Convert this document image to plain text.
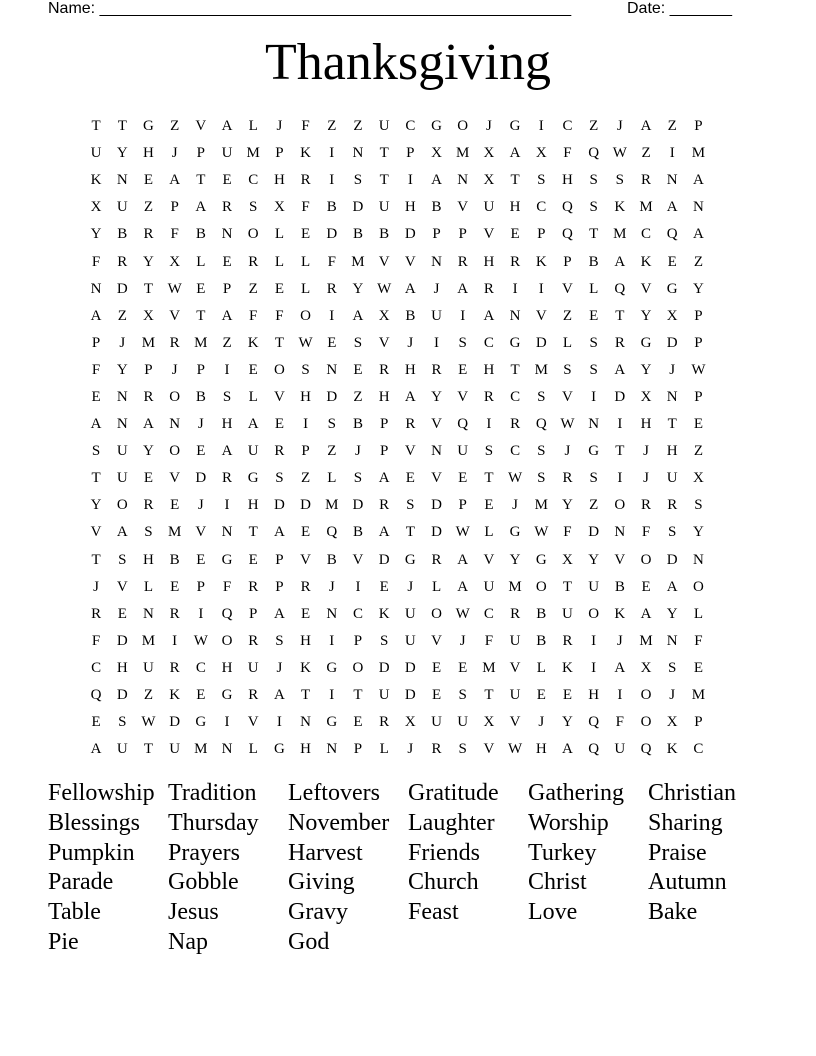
Name: _____________________________________________________	Date: _______
Thanksgiving
T	T	G	Z	V	A	L	J	F	Z	Z	U	C	G	O	J	G	I	C	Z	J	A	Z	P
U	Y	H	J	P	U M	P	K	I	N	T	P	X M X	A	X	F	Q W Z	I	M
K	N	E	A	T	E	C	H	R	I	S	T	I	A	N	X	T	S	H	S	S	R	N	A
X	U	Z	P	A	R	S	X	F	B	D	U	H	B	V	U	H	C	Q	S	K M A	N
Y	B	R	F	B	N	O	L	E	D	B	B	D	P	P	V	E	P	Q	T M C	Q	A
F	R	Y	X	L	E	R	L	L	F	M V	V	N	R	H	R	K	P	B	A	K	E	Z
N	D	T W E	P	Z	E	L	R	Y W A	J	A	R	I	I	V	L	Q	V	G	Y
A	Z	X	V	T	A	F	F	O	I	A	X	B	U	I	A	N	V	Z	E	T	Y	X	P
P	J	M R M Z	K	T W E	S	V	J	I	S	C	G	D	L	S	R	G	D	P
F	Y	P	J	P	I	E	O	S	N	E	R	H	R	E	H	T M	S	S	A	Y	J	W
E	N	R	O	B	S	L	V	H	D	Z	H	A	Y	V	R	C	S	V	I	D	X	N	P
A	N	A	N	J	H	A	E	I	S	B	P	R	V	Q	I	R	Q W N	I	H	T	E
S	U	Y	O	E	A	U	R	P	Z	J	P	V	N	U	S	C	S	J	G	T	J	H	Z
T	U	E	V	D	R	G	S	Z	L	S	A	E	V	E	T W S	R	S	I	J	U	X
Y	O	R	E	J	I	H	D	D M D	R	S	D	P	E	J	M Y	Z	O	R	R	S
V	A	S	M V	N	T	A	E	Q	B	A	T	D W L	G W F	D	N	F	S	Y
T	S	H	B	E	G	E	P	V	B	V	D	G	R	A	V	Y	G	X	Y	V	O	D	N
J	V	L	E	P	F	R	P	R	J	I	E	J	L	A	U M O	T	U	B	E	A	O
R	E	N	R	I	Q	P	A	E	N	C	K	U	O W C	R	B	U	O	K	A	Y	L
F	D M	I	W O	R	S	H	I	P	S	U	V	J	F	U	B	R	I	J	M N	F
C	H	U	R	C	H	U	J	K	G	O	D	D	E	E M V	L	K	I	A	X	S	E
Q	D	Z	K	E	G	R	A	T	I	T	U	D	E	S	T	U	E	E	H	I	O	J	M
E	S W D	G	I	V	I	N	G	E	R	X	U	U	X	V	J	Y	Q	F	O	X	P
A	U	T	U M N	L	G	H	N	P	L	J	R	S	V W H	A	Q	U	Q	K	C
Fellowship Tradition	Leftovers	Gratitude	Gathering	Christian
Blessings	Thursday	November Laughter	Worship	Sharing
Pumpkin	Prayers	Harvest	Friends	Turkey	Praise
Parade	Gobble	Giving	Church	Christ	Autumn
Table	Jesus	Gravy	Feast	Love	Bake
Pie	Nap	God
